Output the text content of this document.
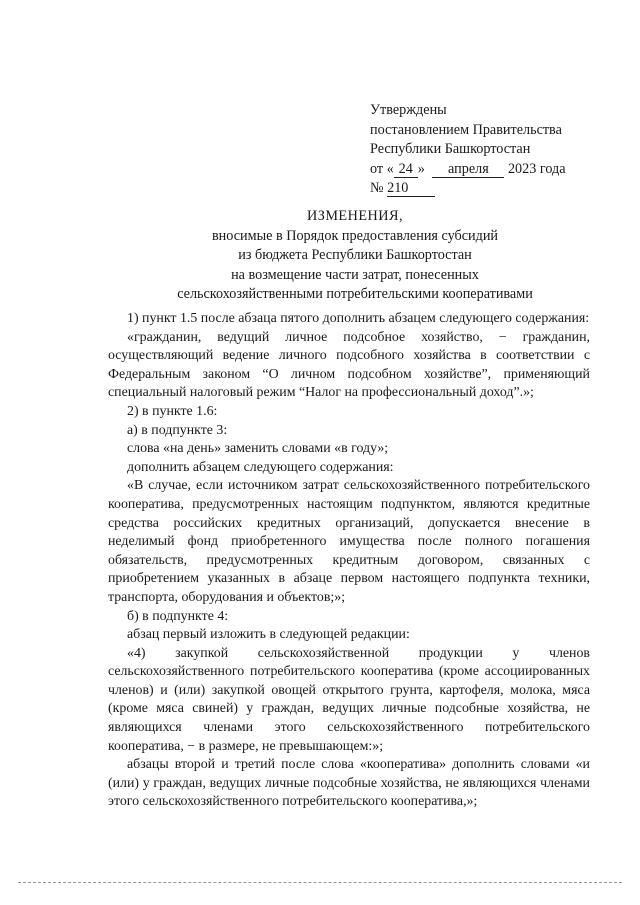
Утверждены
постановлением Правительства
Республики Башкортостан
от « 24 » апреля 2023 года
№ 210
ИЗМЕНЕНИЯ,
вносимые в Порядок предоставления субсидий
из бюджета Республики Башкортостан
на возмещение части затрат, понесенных
сельскохозяйственными потребительскими кооперативами

1) пункт 1.5 после абзаца пятого дополнить абзацем следующего содержания:

«гражданин, ведущий личное подсобное хозяйство, − гражданин, осуществляющий ведение личного подсобного хозяйства в соответствии с Федеральным законом “О личном подсобном хозяйстве”, применяющий специальный налоговый режим “Налог на профессиональный доход”.»;

2) в пункте 1.6:

а) в подпункте 3:

слова «на день» заменить словами «в году»;

дополнить абзацем следующего содержания:

«В случае, если источником затрат сельскохозяйственного потребительского кооператива, предусмотренных настоящим подпунктом, являются кредитные средства российских кредитных организаций, допускается внесение в неделимый фонд приобретенного имущества после полного погашения обязательств, предусмотренных кредитным договором, связанных с приобретением указанных в абзаце первом настоящего подпункта техники, транспорта, оборудования и объектов;»;

б) в подпункте 4:

абзац первый изложить в следующей редакции:

«4) закупкой сельскохозяйственной продукции у членов сельскохозяйственного потребительского кооператива (кроме ассоциированных членов) и (или) закупкой овощей открытого грунта, картофеля, молока, мяса (кроме мяса свиней) у граждан, ведущих личные подсобные хозяйства, не являющихся членами этого сельскохозяйственного потребительского кооператива, − в размере, не превышающем:»;

абзацы второй и третий после слова «кооператива» дополнить словами «и (или) у граждан, ведущих личные подсобные хозяйства, не являющихся членами этого сельскохозяйственного потребительского кооператива,»;
